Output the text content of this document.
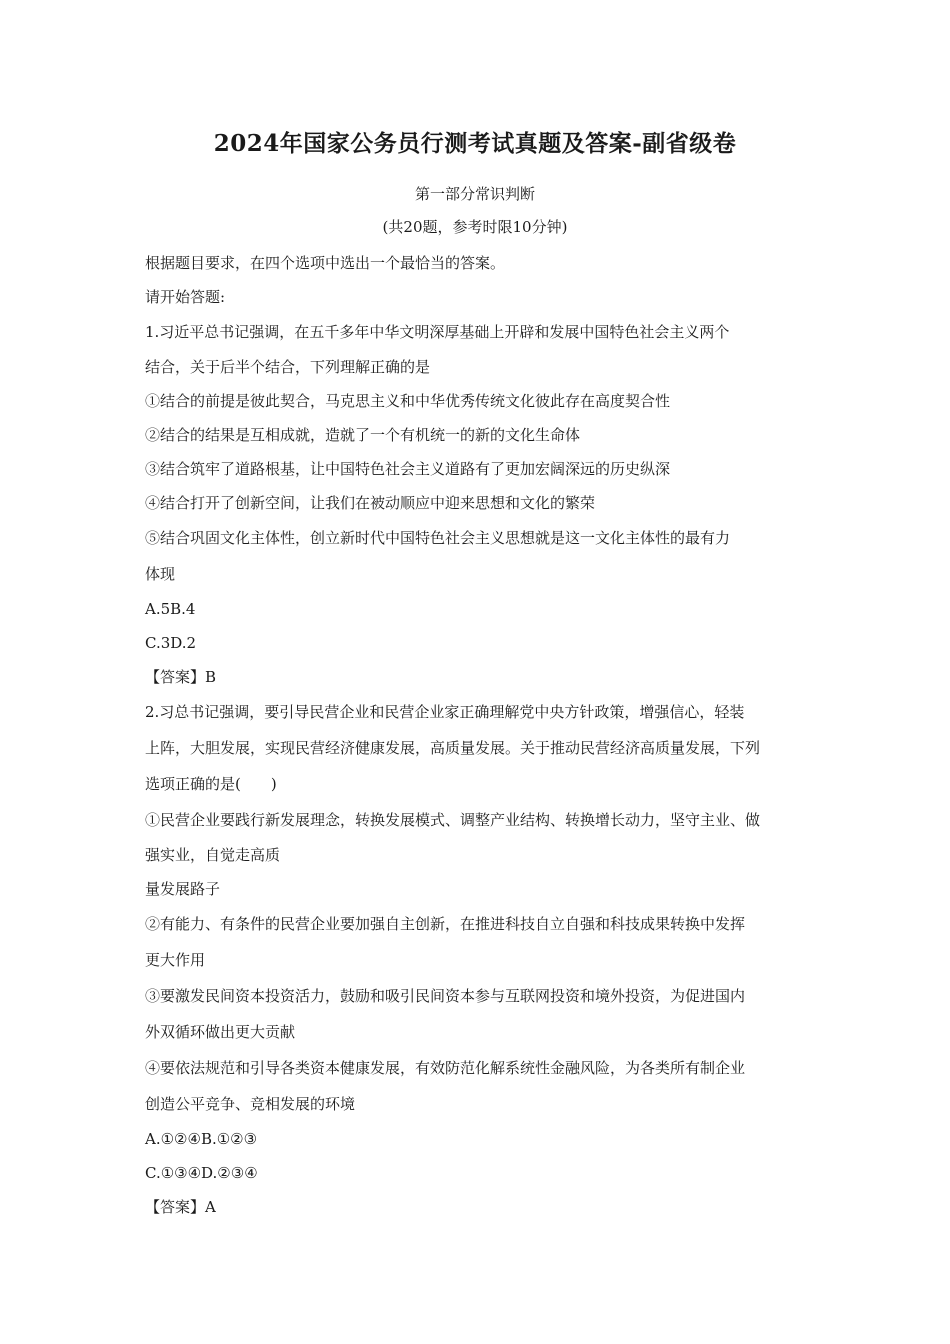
2024年国家公务员行测考试真题及答案-副省级卷
第一部分常识判断
(共20题，参考时限10分钟)
根据题目要求，在四个选项中选出一个最恰当的答案。
请开始答题:
1.习近平总书记强调，在五千多年中华文明深厚基础上开辟和发展中国特色社会主义两个
结合，关于后半个结合，下列理解正确的是
①结合的前提是彼此契合，马克思主义和中华优秀传统文化彼此存在高度契合性
②结合的结果是互相成就，造就了一个有机统一的新的文化生命体
③结合筑牢了道路根基，让中国特色社会主义道路有了更加宏阔深远的历史纵深
④结合打开了创新空间，让我们在被动顺应中迎来思想和文化的繁荣
⑤结合巩固文化主体性，创立新时代中国特色社会主义思想就是这一文化主体性的最有力
体现
A.5B.4
C.3D.2
【答案】B
2.习总书记强调，要引导民营企业和民营企业家正确理解党中央方针政策，增强信心，轻装
上阵，大胆发展，实现民营经济健康发展，高质量发展。关于推动民营经济高质量发展，下列
选项正确的是(　　)
①民营企业要践行新发展理念，转换发展模式、调整产业结构、转换增长动力，坚守主业、做
强实业，自觉走高质
量发展路子
②有能力、有条件的民营企业要加强自主创新，在推进科技自立自强和科技成果转换中发挥
更大作用
③要激发民间资本投资活力，鼓励和吸引民间资本参与互联网投资和境外投资，为促进国内
外双循环做出更大贡献
④要依法规范和引导各类资本健康发展，有效防范化解系统性金融风险，为各类所有制企业
创造公平竞争、竞相发展的环境
A.①②④B.①②③
C.①③④D.②③④
【答案】A
